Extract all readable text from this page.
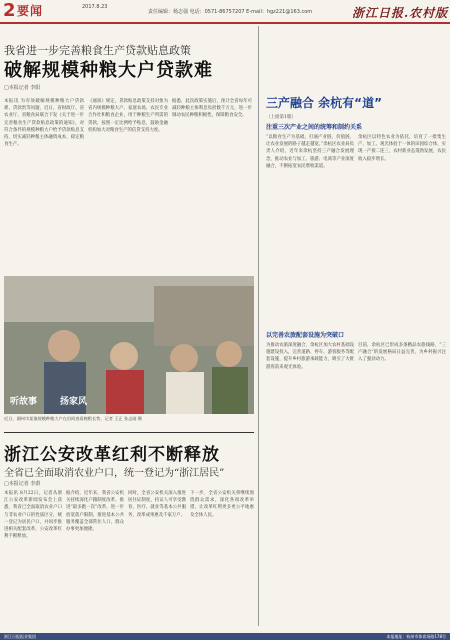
2 要闻	2017.8.23
责任编辑：杨志强 电话：0571-86757207 E-mail：hgz221@163.com	浙江日报.农村版
我省进一步完善粮食生产贷款贴息政策
破解规模种粮大户贷款难
□本报记者 李阳
本报讯 为有效破解规模种粮大户贷款难、贷款贵等问题，近日，省财政厅、省农业厅、省粮食局联合下发《关于进一步完善粮食生产贷款贴息政策的通知》，对符合条件的规模种粮大户给予贷款贴息支持，切实减轻种粮主体融资成本，稳定粮食生产。
《通知》规定，贷款贴息政策支持对象为省内规模种粮大户、家庭农场、农民专业合作社和粮食企业，用于种粮生产所需的贷款，按照一定比例给予贴息，鼓励金融机构加大对粮食生产的信贷支持力度。
据悉，此次政策实施后，预计全省每年可减轻种粮主体利息负担数千万元，进一步调动农民种粮积极性，保障粮食安全。
听故事	扬家风
近日，湖州市某镇规模种粮大户在田间查看晚稻长势，记者 王正 张志刚 摄
浙江公安改革红利不断释放
全省已全面取消农业户口，统一登记为“浙江居民”
□本报记者 李蔚
本报讯 8月22日，记者从浙江公安改革新闻发布会上获悉，我省已全面取消农业户口与非农业户口的性质区分，统一登记为居民户口，并同步推进相关配套改革，公安改革红利不断释放。
据介绍，近年来，我省公安机关持续深化户籍制度改革，推进“最多跑一次”改革，进一步放宽落户限制，推进基本公共服务覆盖全部常住人口，群众办事更加便捷。
同时，全省公安机关深入推进居住证制度，持证人可享受教育、医疗、就业等基本公共服务，改革成果惠及千家万户。
下一步，全省公安机关将继续围绕群众需求，深化各项改革举措，让改革红利更多更公平地惠及全体人民。
三产融合 余杭有“道”
（上接第1版）
注重三次产业之间的统筹和制约关系
“以粮食生产为基础，打通产业链、价值链，让农业发展的路子越走越宽。”余杭区农业局负责人介绍，近年来余杭坚持三产融合发展理念，推动农业与加工、旅游、电商等产业深度融合，不断拓宽农民增收渠道。
余杭区以特色农业为依托，培育了一批集生产、加工、观光体验于一体的田园综合体，实现一产接二连三，农村新业态蓬勃发展，农民收入稳步增长。
以完善农旅配套设施为突破口
为推动农旅深度融合，余杭区加大农村基础设施建设投入，完善道路、停车、游客服务等配套设施，提升乡村旅游承载能力，吸引了大批游客前来观光体验。
目前，余杭区已形成多条精品农旅线路，“三产融合”的发展格局日益完善，为乡村振兴注入了强劲动力。
浙江日报报业集团	本报地址：杭州市体育场路178号
